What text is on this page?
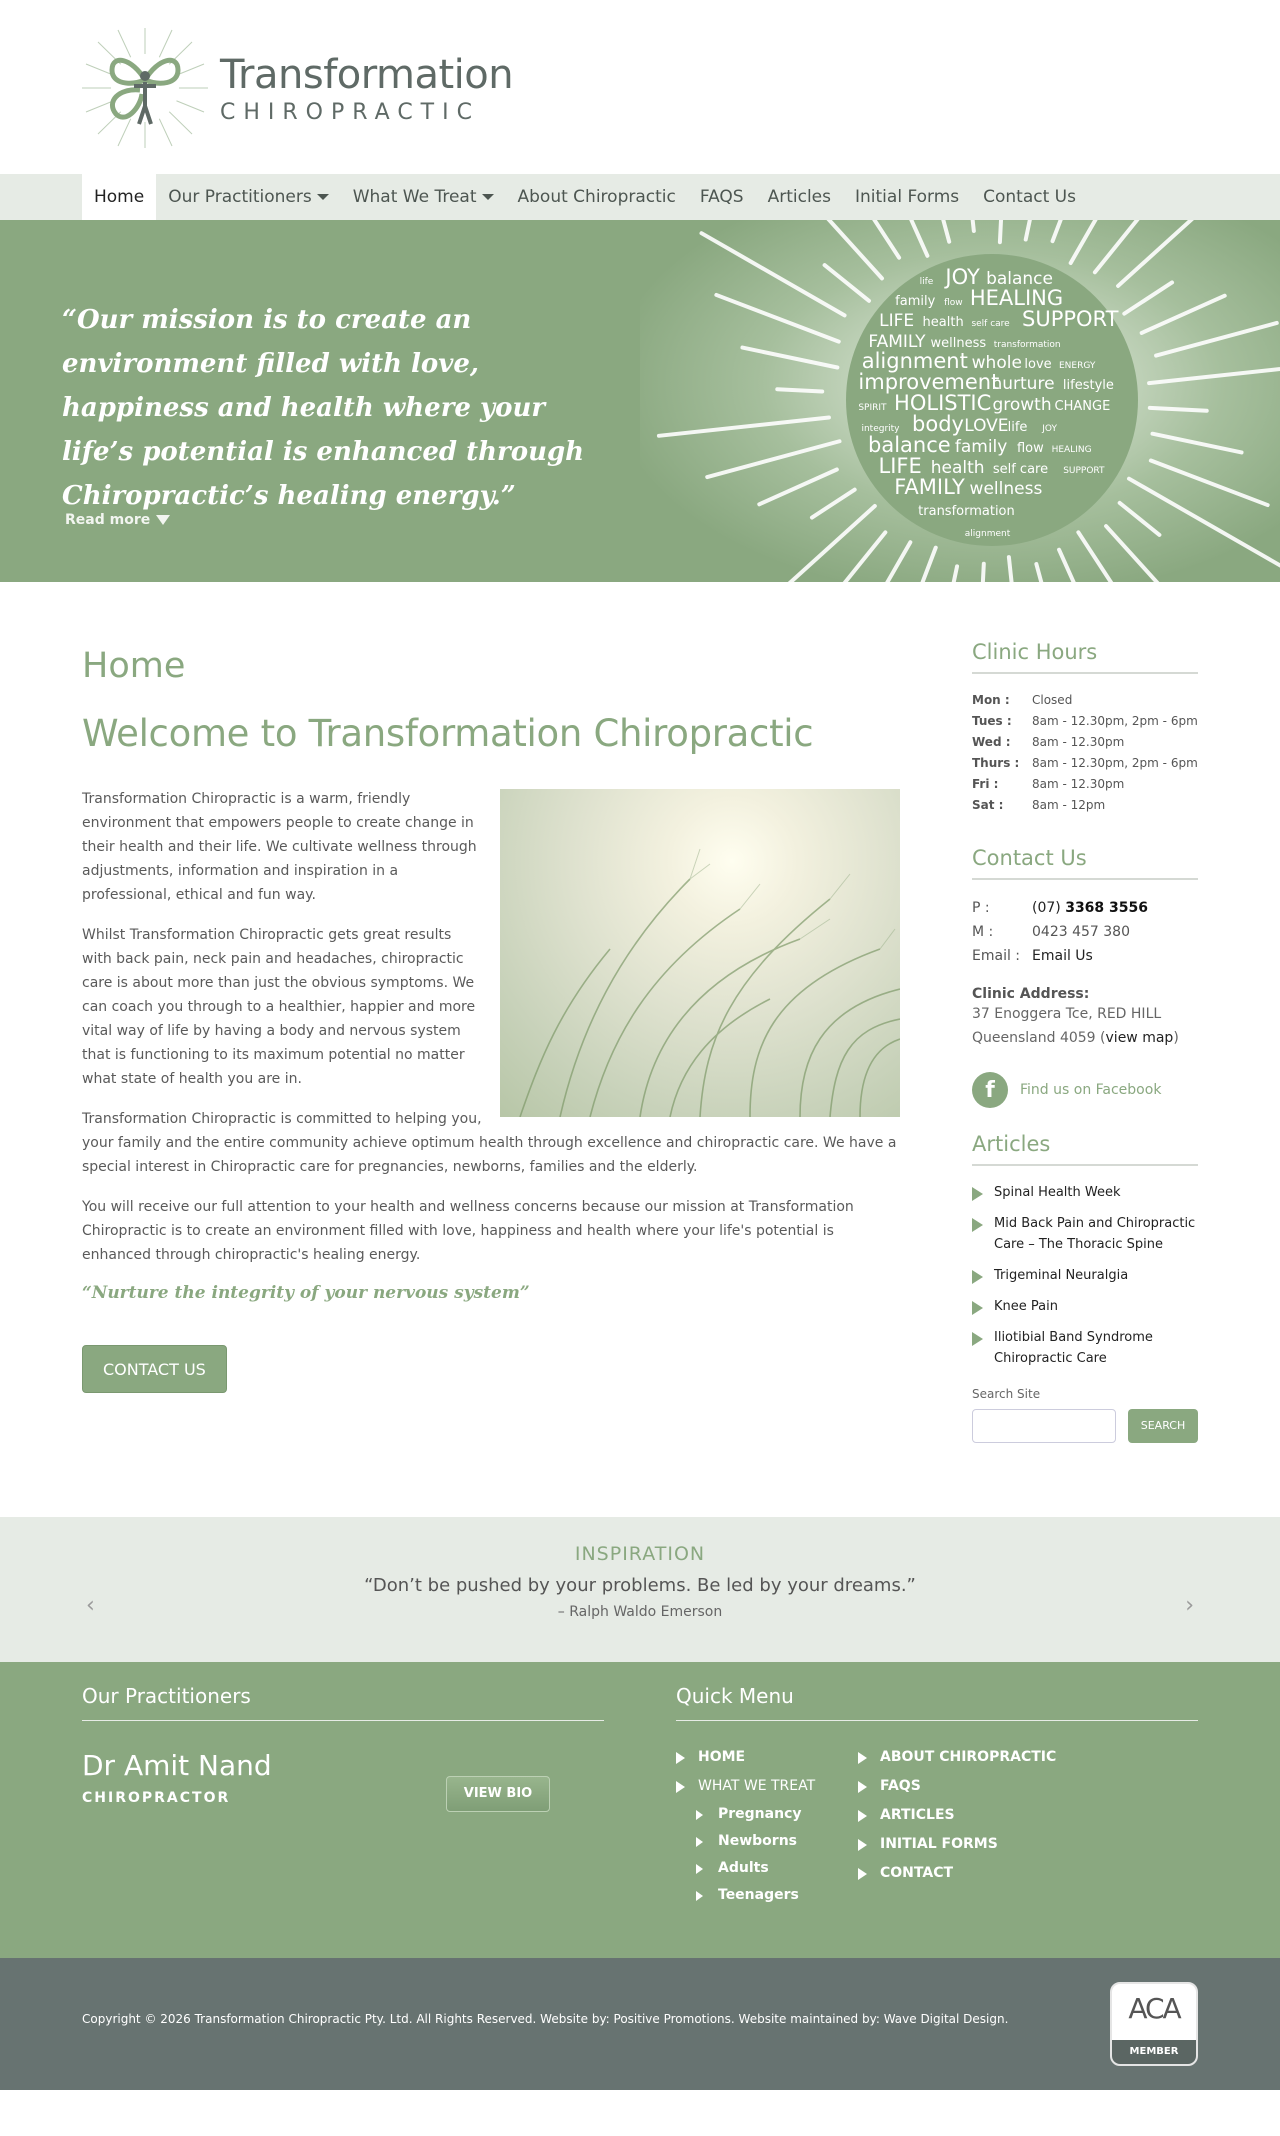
Transformation
CHIROPRACTIC
Home	Our Practitioners	What We Treat	About Chiropractic	FAQS	Articles	Initial Forms	Contact Us
“Our mission is to create an environment filled with love, happiness and health where your life’s potential is enhanced through Chiropractic’s healing energy.”
Read more
life JOY balance
family flow HEALING
LIFE health self care SUPPORT
FAMILY wellness transformation
alignment whole love ENERGY
improvement
nurture lifestyle
SPIRIT HOLISTIC growth CHANGE
integrity body LOVE life JOY
balance family flow HEALING
LIFE health self care SUPPORT
FAMILY wellness
transformation
alignment
Home
Welcome to Transformation Chiropractic

Transformation Chiropractic is a warm, friendly environment that empowers people to create change in their health and their life. We cultivate wellness through adjustments, information and inspiration in a professional, ethical and fun way.

Whilst Transformation Chiropractic gets great results with back pain, neck pain and headaches, chiropractic care is about more than just the obvious symptoms. We can coach you through to a healthier, happier and more vital way of life by having a body and nervous system that is functioning to its maximum potential no matter what state of health you are in.

Transformation Chiropractic is committed to helping you, your family and the entire community achieve optimum health through excellence and chiropractic care. We have a special interest in Chiropractic care for pregnancies, newborns, families and the elderly.

You will receive our full attention to your health and wellness concerns because our mission at Transformation Chiropractic is to create an environment filled with love, happiness and health where your life's potential is enhanced through chiropractic's healing energy.

“Nurture the integrity of your nervous system”
CONTACT US
Clinic Hours
Mon :	Closed
Tues :	8am - 12.30pm, 2pm - 6pm
Wed :	8am - 12.30pm
Thurs :	8am - 12.30pm, 2pm - 6pm
Fri :	8am - 12.30pm
Sat :	8am - 12pm
Contact Us
P :	(07) 3368 3556
M :	0423 457 380
Email : Email Us
Clinic Address:
37 Enoggera Tce, RED HILL
Queensland 4059 (view map)
f	Find us on Facebook
Articles
Spinal Health Week
Mid Back Pain and Chiropractic Care – The Thoracic Spine
Trigeminal Neuralgia
Knee Pain
Iliotibial Band Syndrome Chiropractic Care
Search Site
SEARCH
INSPIRATION
“Don’t be pushed by your problems. Be led by your dreams.”
– Ralph Waldo Emerson
‹	›
Our Practitioners
Dr Amit Nand
CHIROPRACTOR	VIEW BIO
Quick Menu
HOME
WHAT WE TREAT
Pregnancy
Newborns
Adults
Teenagers
ABOUT CHIROPRACTIC
FAQS
ARTICLES
INITIAL FORMS
CONTACT
Copyright © 2026 Transformation Chiropractic Pty. Ltd. All Rights Reserved. Website by: Positive Promotions. Website maintained by: Wave Digital Design.	ACA
MEMBER
